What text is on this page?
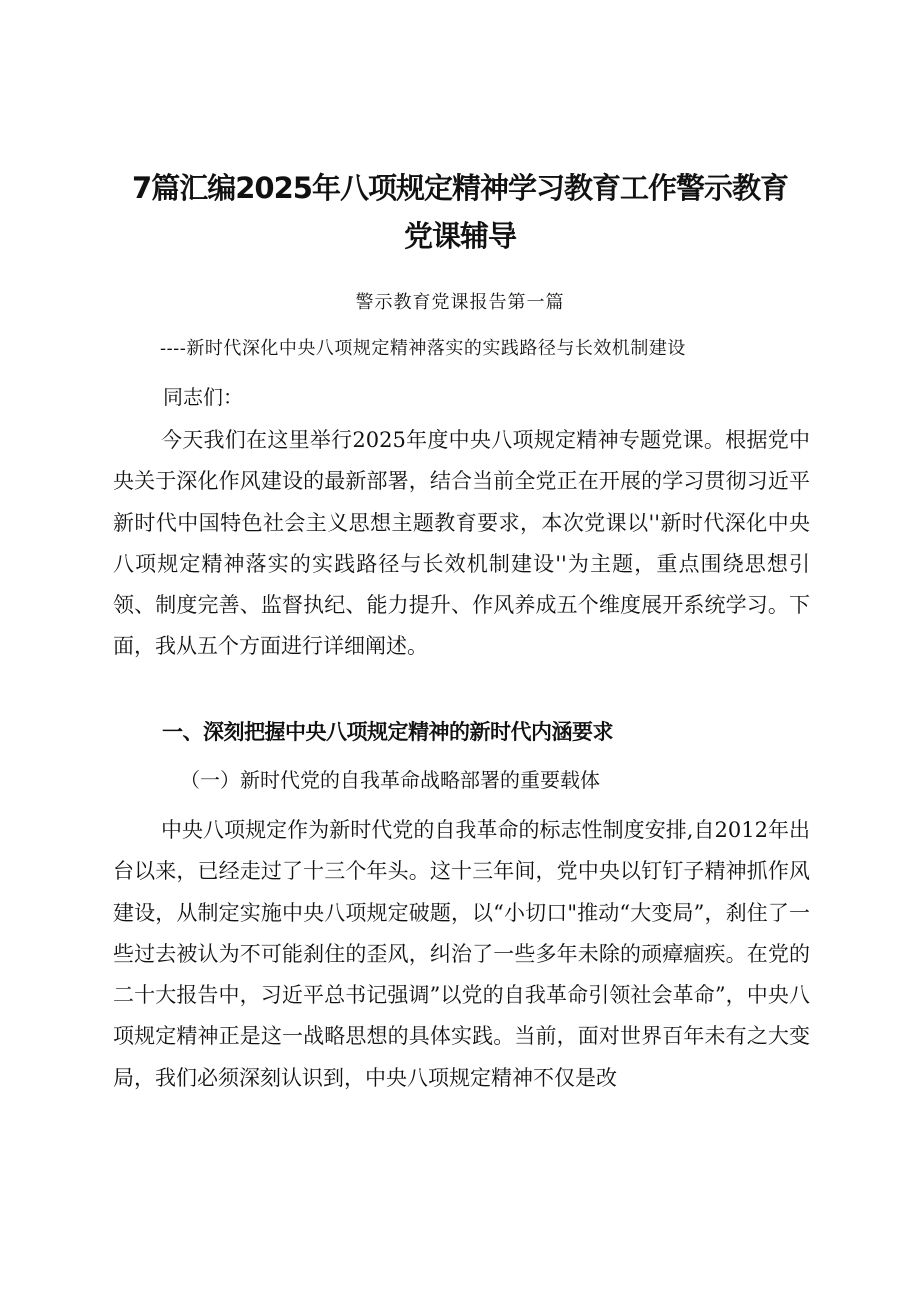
7篇汇编2025年八项规定精神学习教育工作警示教育
党课辅导
警示教育党课报告第一篇
----新时代深化中央八项规定精神落实的实践路径与长效机制建设
同志们：

今天我们在这里举行2025年度中央八项规定精神专题党课。根据党中央关于深化作风建设的最新部署，结合当前全党正在开展的学习贯彻习近平新时代中国特色社会主义思想主题教育要求，本次党课以''新时代深化中央八项规定精神落实的实践路径与长效机制建设''为主题，重点围绕思想引领、制度完善、监督执纪、能力提升、作风养成五个维度展开系统学习。下面，我从五个方面进行详细阐述。

一、深刻把握中央八项规定精神的新时代内涵要求
（一）新时代党的自我革命战略部署的重要载体

中央八项规定作为新时代党的自我革命的标志性制度安排,自2012年出台以来，已经走过了十三个年头。这十三年间，党中央以钉钉子精神抓作风建设，从制定实施中央八项规定破题，以“小切口"推动“大变局”，刹住了一些过去被认为不可能刹住的歪风，纠治了一些多年未除的顽瘴痼疾。在党的二十大报告中，习近平总书记强调”以党的自我革命引领社会革命”，中央八项规定精神正是这一战略思想的具体实践。当前，面对世界百年未有之大变局，我们必须深刻认识到，中央八项规定精神不仅是改
